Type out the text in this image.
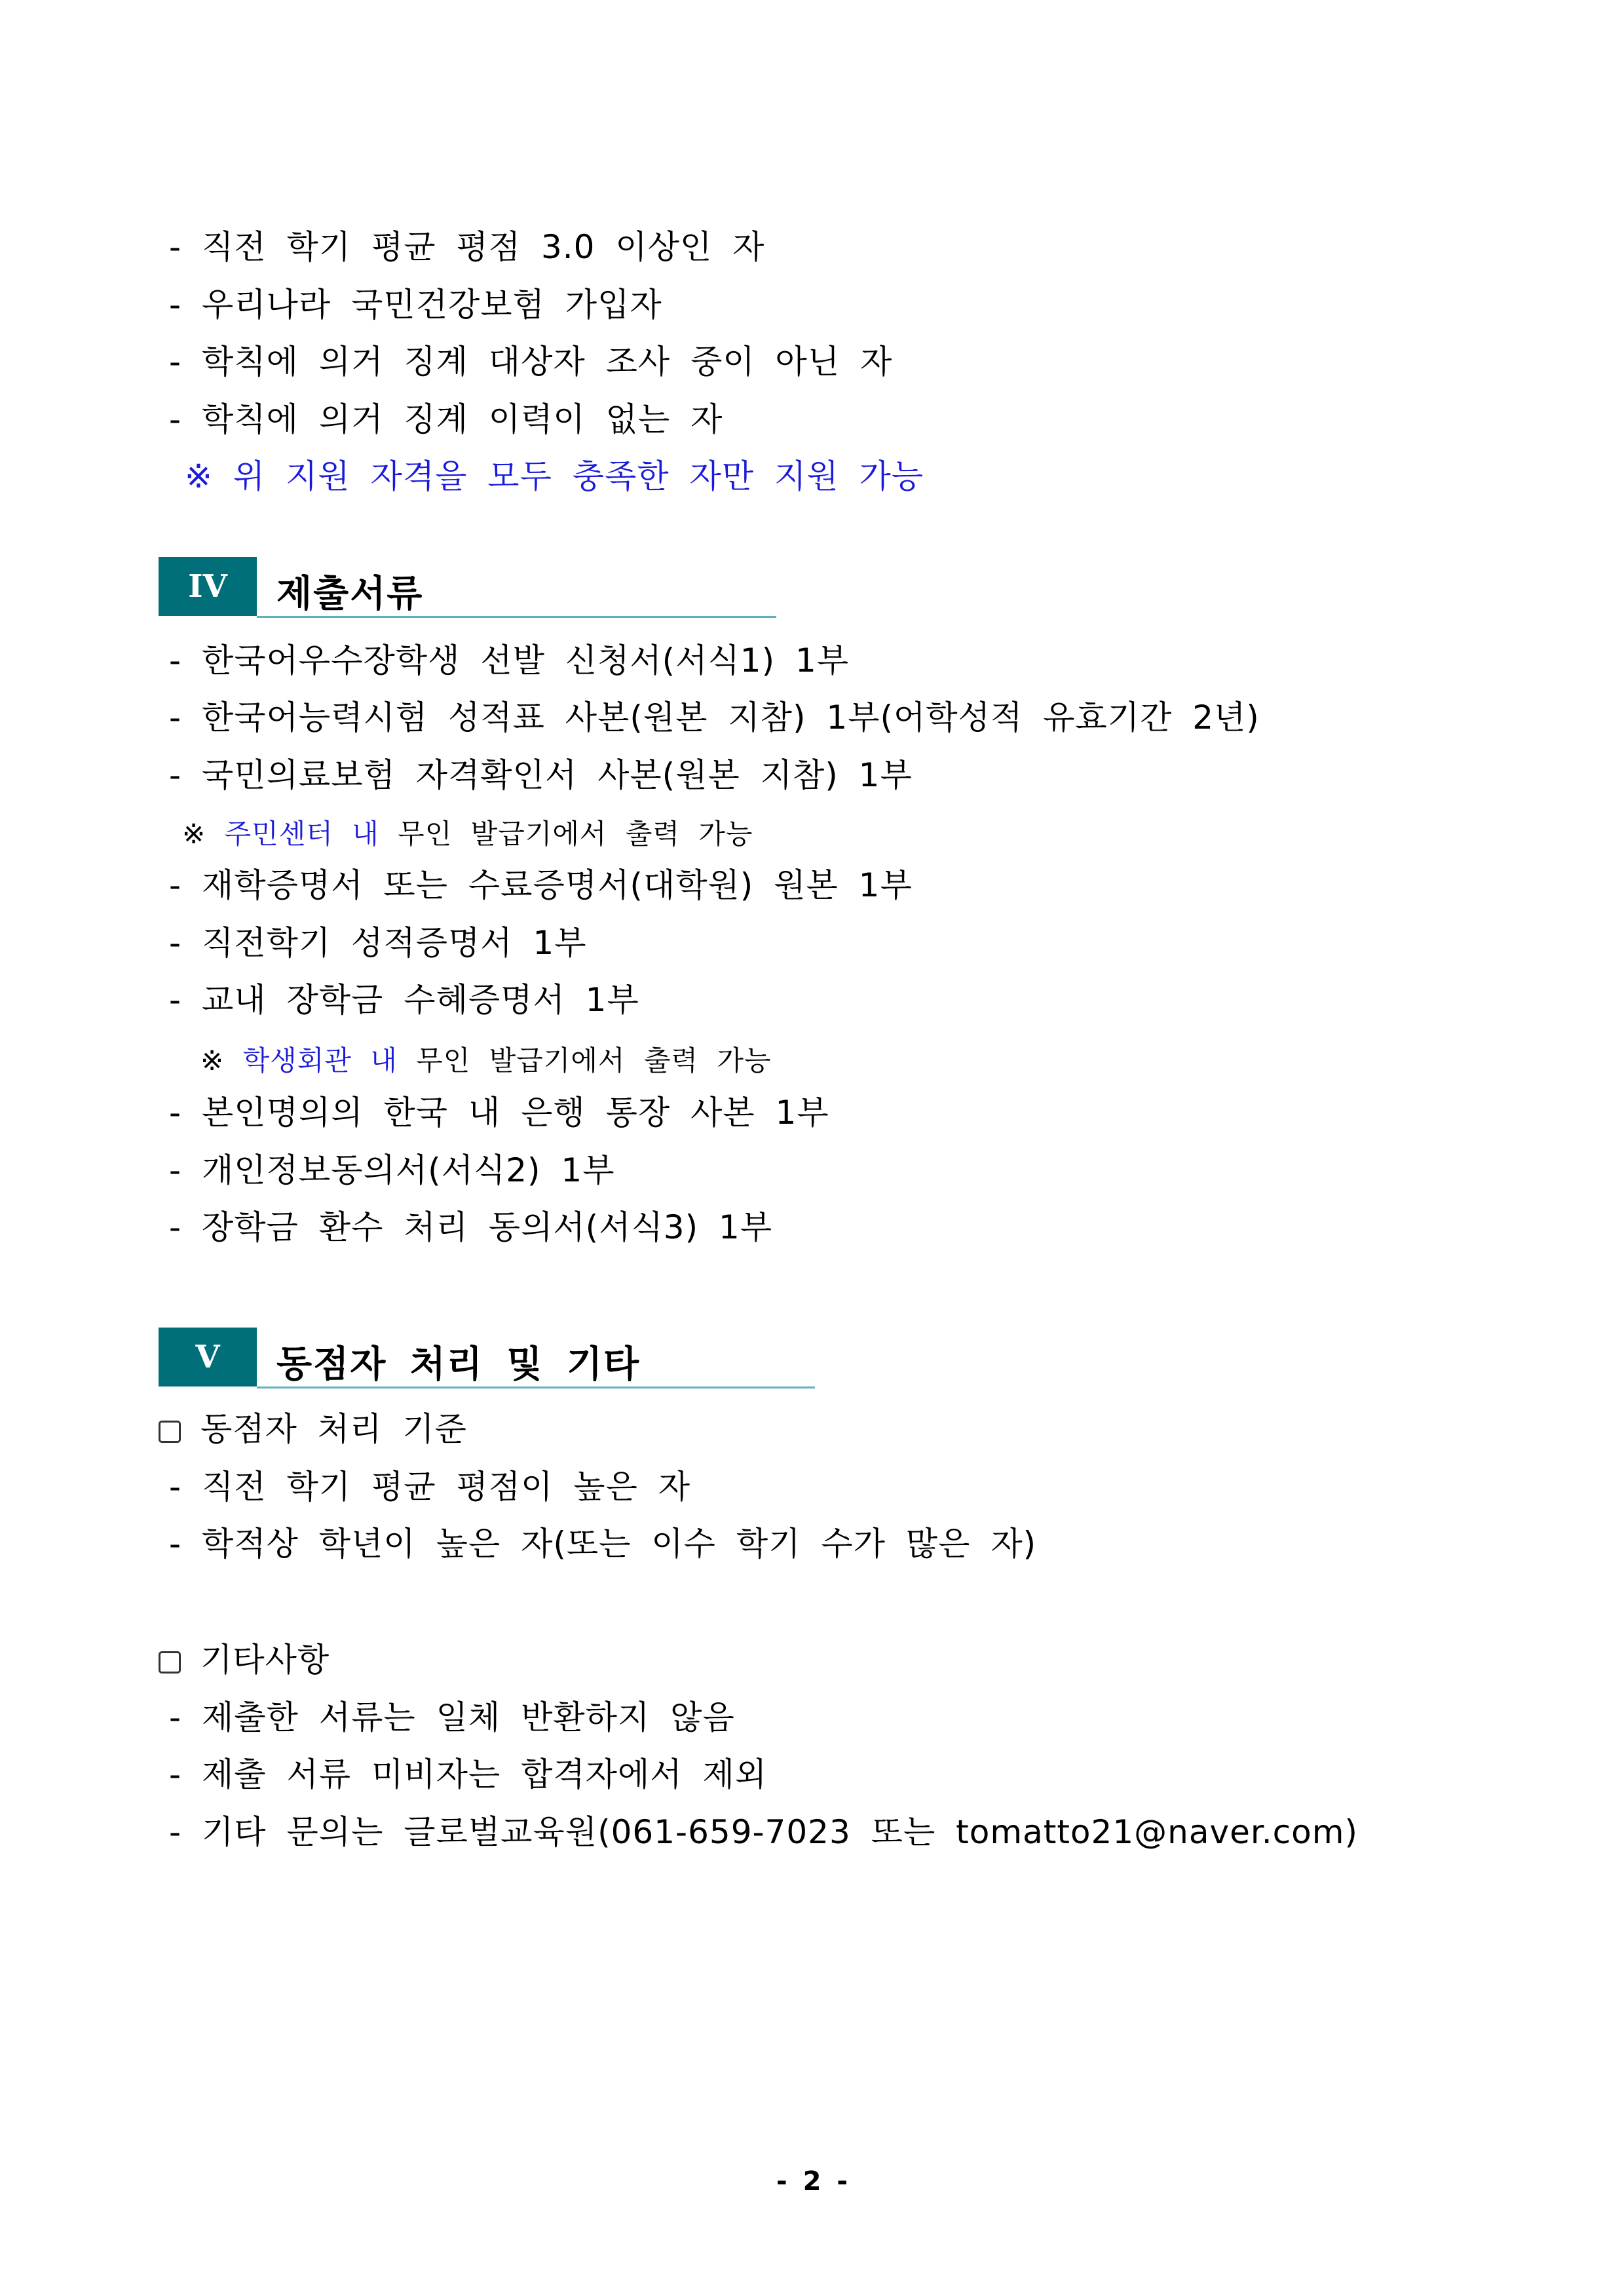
- 직전 학기 평균 평점 3.0 이상인 자
- 우리나라 국민건강보험 가입자
- 학칙에 의거 징계 대상자 조사 중이 아닌 자
- 학칙에 의거 징계 이력이 없는 자
※ 위 지원 자격을 모두 충족한 자만 지원 가능
IV	제출서류
- 한국어우수장학생 선발 신청서(서식1) 1부
- 한국어능력시험 성적표 사본(원본 지참) 1부(어학성적 유효기간 2년)
- 국민의료보험 자격확인서 사본(원본 지참) 1부
※ 주민센터 내 무인 발급기에서 출력 가능
- 재학증명서 또는 수료증명서(대학원) 원본 1부
- 직전학기 성적증명서 1부
- 교내 장학금 수혜증명서 1부
※ 학생회관 내 무인 발급기에서 출력 가능
- 본인명의의 한국 내 은행 통장 사본 1부
- 개인정보동의서(서식2) 1부
- 장학금 환수 처리 동의서(서식3) 1부
V	동점자 처리 및 기타
동점자 처리 기준
- 직전 학기 평균 평점이 높은 자
- 학적상 학년이 높은 자(또는 이수 학기 수가 많은 자)
기타사항
- 제출한 서류는 일체 반환하지 않음
- 제출 서류 미비자는 합격자에서 제외
- 기타 문의는 글로벌교육원(061-659-7023 또는 tomatto21@naver.com)
- 2 -
